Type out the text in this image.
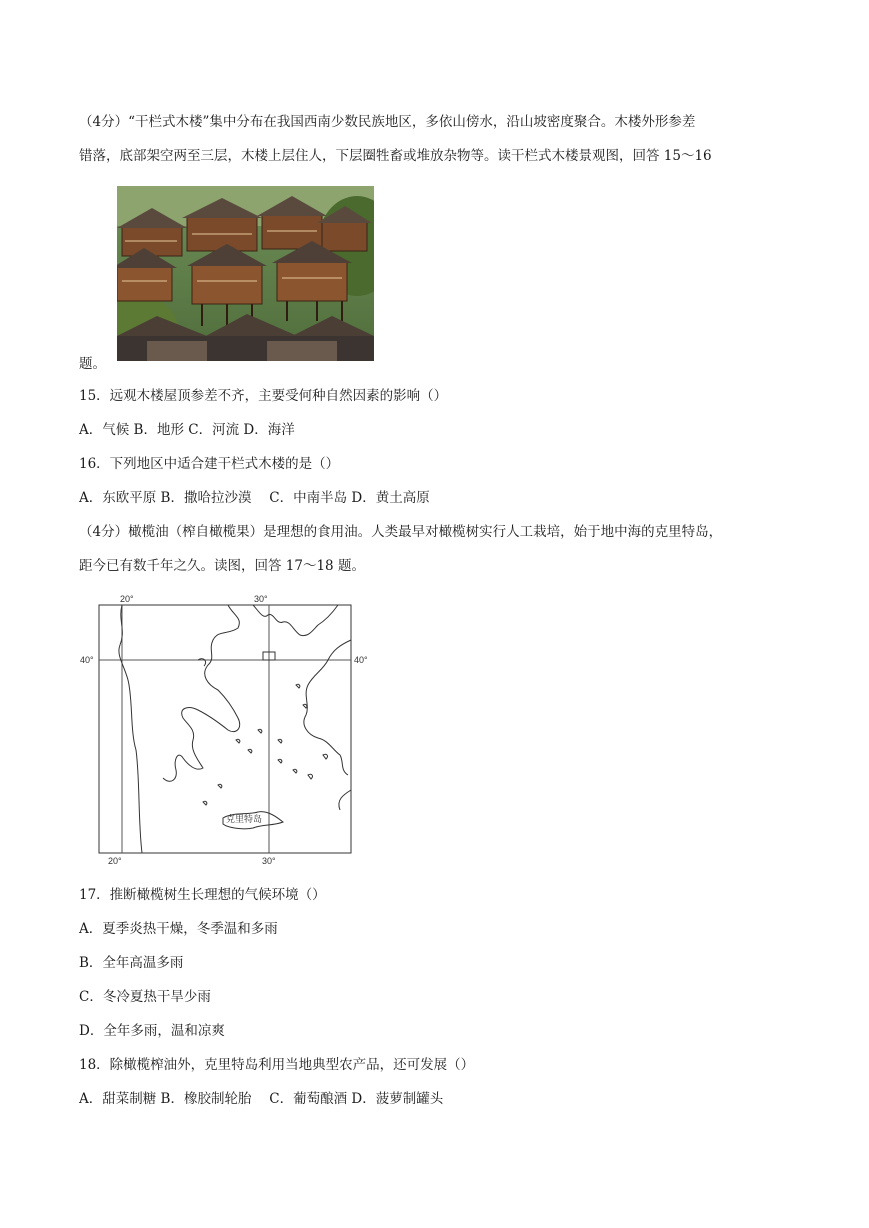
（4分）“干栏式木楼”集中分布在我国西南少数民族地区，多依山傍水，沿山坡密度聚合。木楼外形参差
错落，底部架空两至三层，木楼上层住人，下层圈牲畜或堆放杂物等。读干栏式木楼景观图，回答 15～16
题。
15．远观木楼屋顶参差不齐，主要受何种自然因素的影响（）
A．气候 B．地形 C．河流 D．海洋
16．下列地区中适合建干栏式木楼的是（）
A．东欧平原 B．撒哈拉沙漠　 C．中南半岛 D．黄土高原
（4分）橄榄油（榨自橄榄果）是理想的食用油。人类最早对橄榄树实行人工栽培，始于地中海的克里特岛，
距今已有数千年之久。读图，回答 17～18 题。
20°	30°
40°	40°
20°	30°
克里特岛
17．推断橄榄树生长理想的气候环境（）
A．夏季炎热干燥，冬季温和多雨
B．全年高温多雨
C．冬冷夏热干旱少雨
D．全年多雨，温和凉爽
18．除橄榄榨油外，克里特岛利用当地典型农产品，还可发展（）
A．甜菜制糖 B．橡胶制轮胎　 C．葡萄酿酒 D．菠萝制罐头
